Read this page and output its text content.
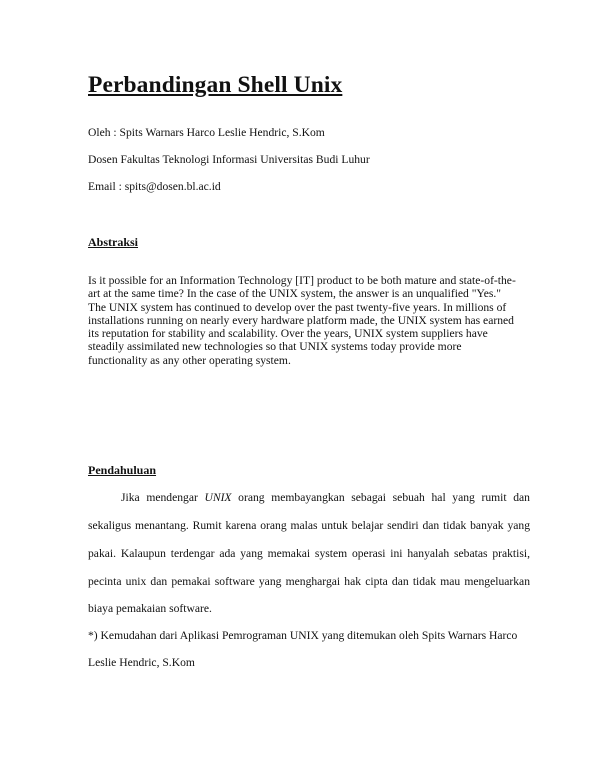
Perbandingan Shell Unix

Oleh : Spits Warnars Harco Leslie Hendric, S.Kom

Dosen Fakultas Teknologi Informasi Universitas Budi Luhur

Email : spits@dosen.bl.ac.id

Abstraksi
Is it possible for an Information Technology [IT] product to be both mature and state-of-the-
art at the same time? In the case of the UNIX system, the answer is an unqualified "Yes."
The UNIX system has continued to develop over the past twenty-five years. In millions of
installations running on nearly every hardware platform made, the UNIX system has earned
its reputation for stability and scalability. Over the years, UNIX system suppliers have
steadily assimilated new technologies so that UNIX systems today provide more
functionality as any other operating system.
Pendahuluan

Jika mendengar UNIX orang membayangkan sebagai sebuah hal yang rumit dan

sekaligus menantang. Rumit karena orang malas untuk belajar sendiri dan tidak banyak yang

pakai. Kalaupun terdengar ada yang memakai system operasi ini hanyalah sebatas praktisi,

pecinta unix dan pemakai software yang menghargai hak cipta dan tidak mau mengeluarkan

biaya pemakaian software.

*) Kemudahan dari Aplikasi Pemrograman UNIX yang ditemukan oleh Spits Warnars Harco

Leslie Hendric, S.Kom
